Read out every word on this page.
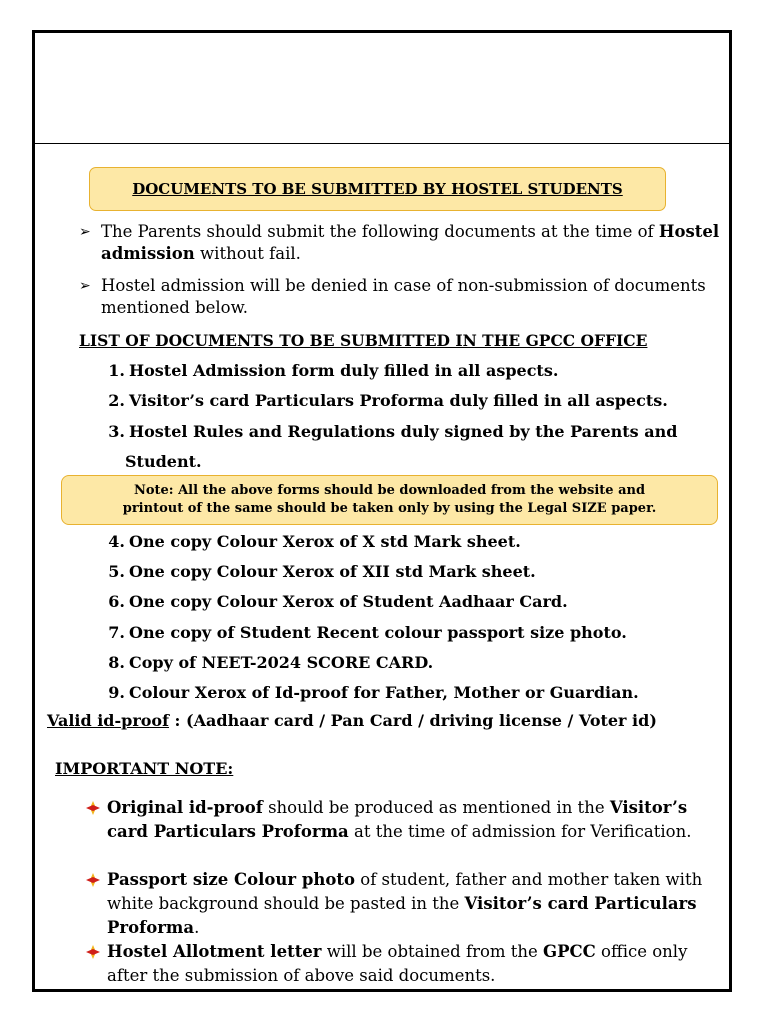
DOCUMENTS TO BE SUBMITTED BY HOSTEL STUDENTS
➢ The Parents should submit the following documents at the time of Hostel admission without fail.
➢ Hostel admission will be denied in case of non-submission of documents mentioned below.
LIST OF DOCUMENTS TO BE SUBMITTED IN THE GPCC OFFICE
1. Hostel Admission form duly filled in all aspects.
2. Visitor’s card Particulars Proforma duly filled in all aspects.
3. Hostel Rules and Regulations duly signed by the Parents and
Student.
Note: All the above forms should be downloaded from the website and
printout of the same should be taken only by using the Legal SIZE paper.
4. One copy Colour Xerox of X std Mark sheet.
5. One copy Colour Xerox of XII std Mark sheet.
6. One copy Colour Xerox of Student Aadhaar Card.
7. One copy of Student Recent colour passport size photo.
8. Copy of NEET-2024 SCORE CARD.
9. Colour Xerox of Id-proof for Father, Mother or Guardian.
Valid id-proof : (Aadhaar card / Pan Card / driving license / Voter id)
IMPORTANT NOTE:
Original id-proof should be produced as mentioned in the Visitor’s card Particulars Proforma at the time of admission for Verification.
Passport size Colour photo of student, father and mother taken with white background should be pasted in the Visitor’s card Particulars Proforma.
Hostel Allotment letter will be obtained from the GPCC office only after the submission of above said documents.
